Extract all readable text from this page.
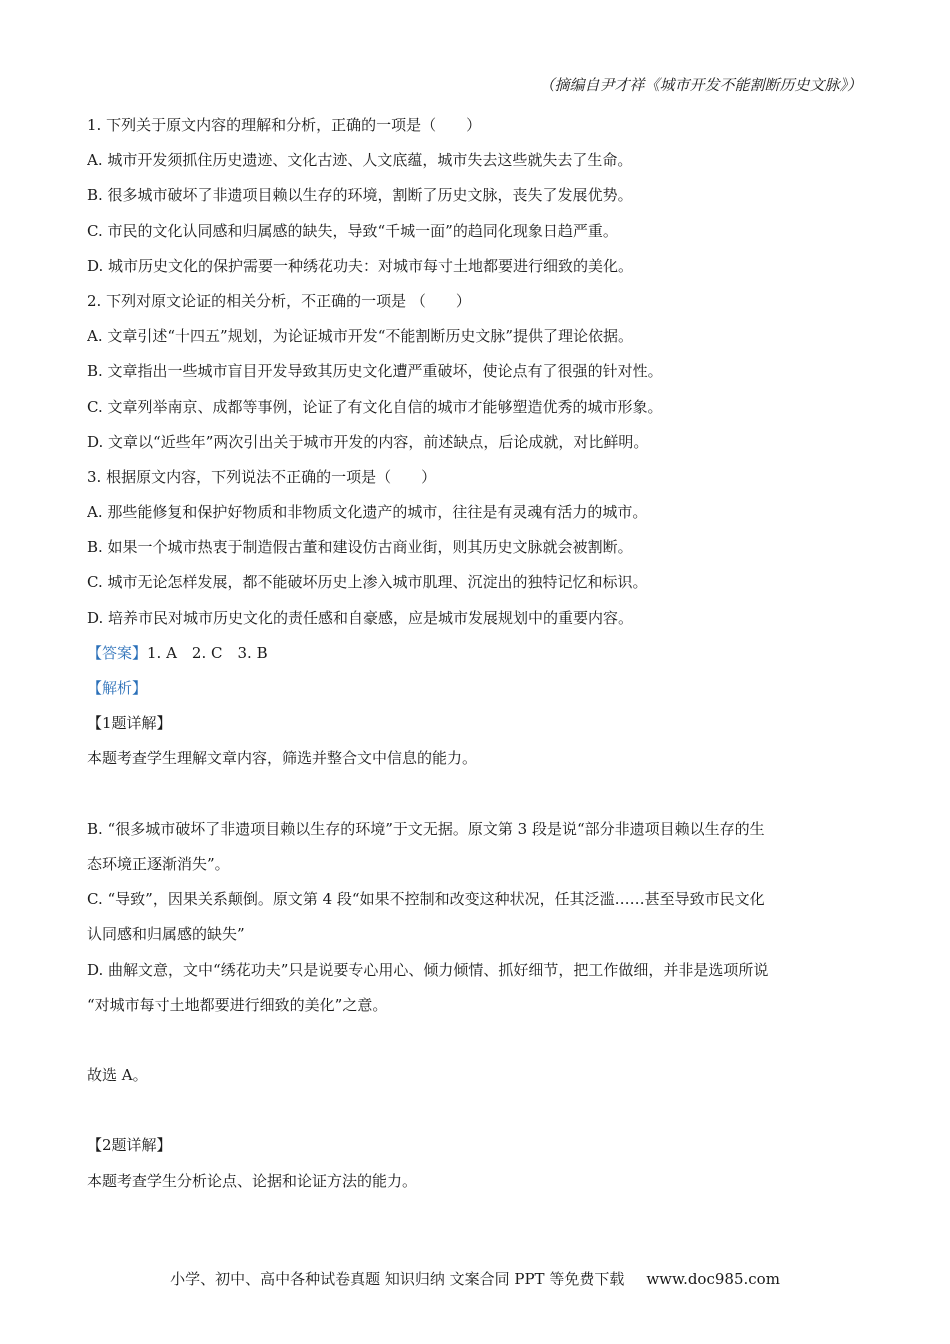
（摘编自尹才祥《城市开发不能割断历史文脉》）
1. 下列关于原文内容的理解和分析，正确的一项是（　　）
A. 城市开发须抓住历史遗迹、文化古迹、人文底蕴，城市失去这些就失去了生命。
B. 很多城市破坏了非遗项目赖以生存的环境，割断了历史文脉，丧失了发展优势。
C. 市民的文化认同感和归属感的缺失，导致“千城一面”的趋同化现象日趋严重。
D. 城市历史文化的保护需要一种绣花功夫：对城市每寸土地都要进行细致的美化。
2. 下列对原文论证的相关分析，不正确的一项是 （　　）
A. 文章引述“十四五”规划，为论证城市开发“不能割断历史文脉”提供了理论依据。
B. 文章指出一些城市盲目开发导致其历史文化遭严重破坏，使论点有了很强的针对性。
C. 文章列举南京、成都等事例，论证了有文化自信的城市才能够塑造优秀的城市形象。
D. 文章以“近些年”两次引出关于城市开发的内容，前述缺点，后论成就，对比鲜明。
3. 根据原文内容，下列说法不正确的一项是（　　）
A. 那些能修复和保护好物质和非物质文化遗产的城市，往往是有灵魂有活力的城市。
B. 如果一个城市热衷于制造假古董和建设仿古商业街，则其历史文脉就会被割断。
C. 城市无论怎样发展，都不能破坏历史上渗入城市肌理、沉淀出的独特记忆和标识。
D. 培养市民对城市历史文化的责任感和自豪感，应是城市发展规划中的重要内容。
【答案】1. A　2. C　3. B
【解析】
【1题详解】
本题考查学生理解文章内容，筛选并整合文中信息的能力。
B. “很多城市破坏了非遗项目赖以生存的环境”于文无据。原文第 3 段是说“部分非遗项目赖以生存的生
态环境正逐渐消失”。
C. “导致”，因果关系颠倒。原文第 4 段“如果不控制和改变这种状况，任其泛滥……甚至导致市民文化
认同感和归属感的缺失”
D. 曲解文意，文中“绣花功夫”只是说要专心用心、倾力倾情、抓好细节，把工作做细，并非是选项所说
“对城市每寸土地都要进行细致的美化”之意。
故选 A。
【2题详解】
本题考查学生分析论点、论据和论证方法的能力。
小学、初中、高中各种试卷真题 知识归纳 文案合同 PPT 等免费下载 www.doc985.com
